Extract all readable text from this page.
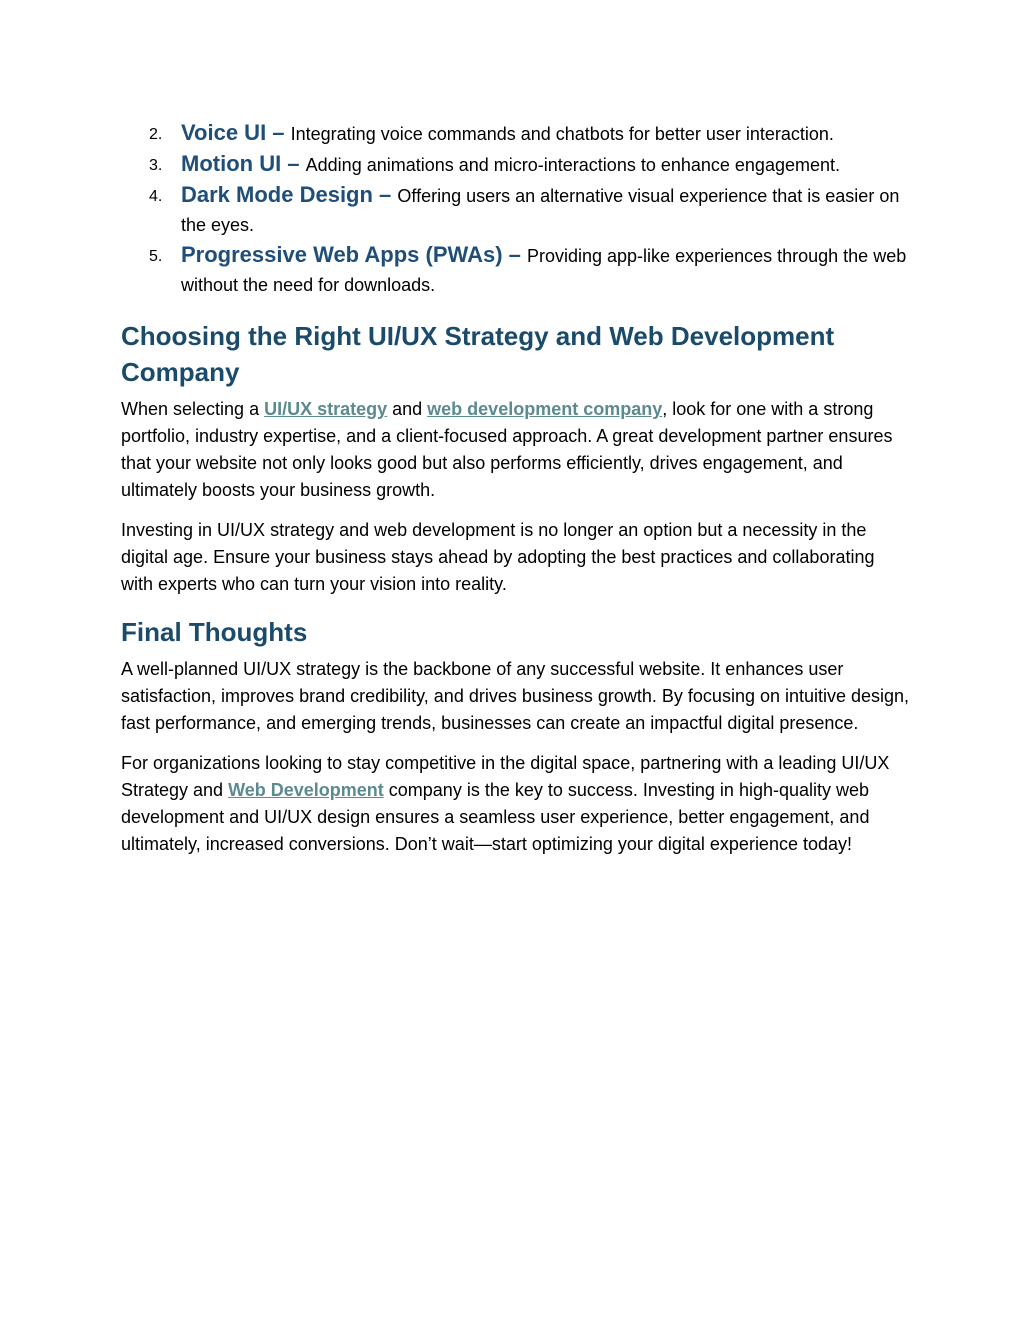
2. Voice UI – Integrating voice commands and chatbots for better user interaction.
3. Motion UI – Adding animations and micro-interactions to enhance engagement.
4. Dark Mode Design – Offering users an alternative visual experience that is easier on the eyes.
5. Progressive Web Apps (PWAs) – Providing app-like experiences through the web without the need for downloads.
Choosing the Right UI/UX Strategy and Web Development Company

When selecting a UI/UX strategy and web development company, look for one with a strong portfolio, industry expertise, and a client-focused approach. A great development partner ensures that your website not only looks good but also performs efficiently, drives engagement, and ultimately boosts your business growth.

Investing in UI/UX strategy and web development is no longer an option but a necessity in the digital age. Ensure your business stays ahead by adopting the best practices and collaborating with experts who can turn your vision into reality.

Final Thoughts

A well-planned UI/UX strategy is the backbone of any successful website. It enhances user satisfaction, improves brand credibility, and drives business growth. By focusing on intuitive design, fast performance, and emerging trends, businesses can create an impactful digital presence.

For organizations looking to stay competitive in the digital space, partnering with a leading UI/UX Strategy and Web Development company is the key to success. Investing in high-quality web development and UI/UX design ensures a seamless user experience, better engagement, and ultimately, increased conversions. Don’t wait—start optimizing your digital experience today!
